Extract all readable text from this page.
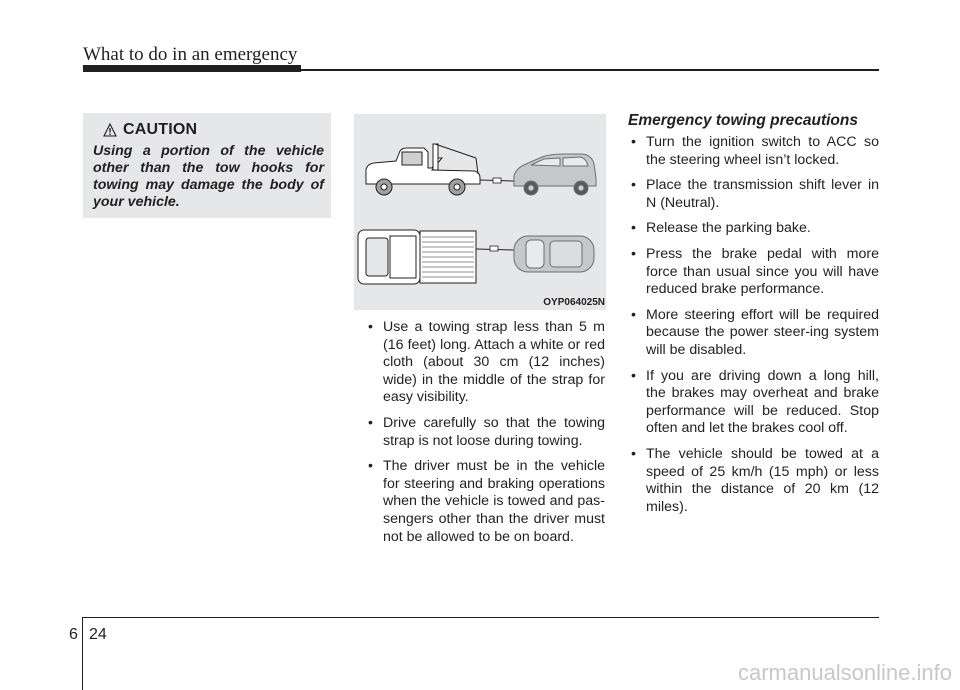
What to do in an emergency
CAUTION
Using a portion of the vehicle other than the tow hooks for towing may damage the body of your vehicle.
OYP064025N
• Use a towing strap less than 5 m (16 feet) long. Attach a white or red cloth (about 30 cm (12 inches) wide) in the middle of the strap for easy visibility.
• Drive carefully so that the towing strap is not loose during towing.
• The driver must be in the vehicle for steering and braking operations when the vehicle is towed and pas-sengers other than the driver must not be allowed to be on board.
Emergency towing precautions
• Turn the ignition switch to ACC so the steering wheel isn’t locked.
• Place the transmission shift lever in N (Neutral).
• Release the parking bake.
• Press the brake pedal with more force than usual since you will have reduced brake performance.
• More steering effort will be required because the power steer-ing system will be disabled.
• If you are driving down a long hill, the brakes may overheat and brake performance will be reduced. Stop often and let the brakes cool off.
• The vehicle should be towed at a speed of 25 km/h (15 mph) or less within the distance of 20 km (12 miles).
6 24
carmanualsonline.info
